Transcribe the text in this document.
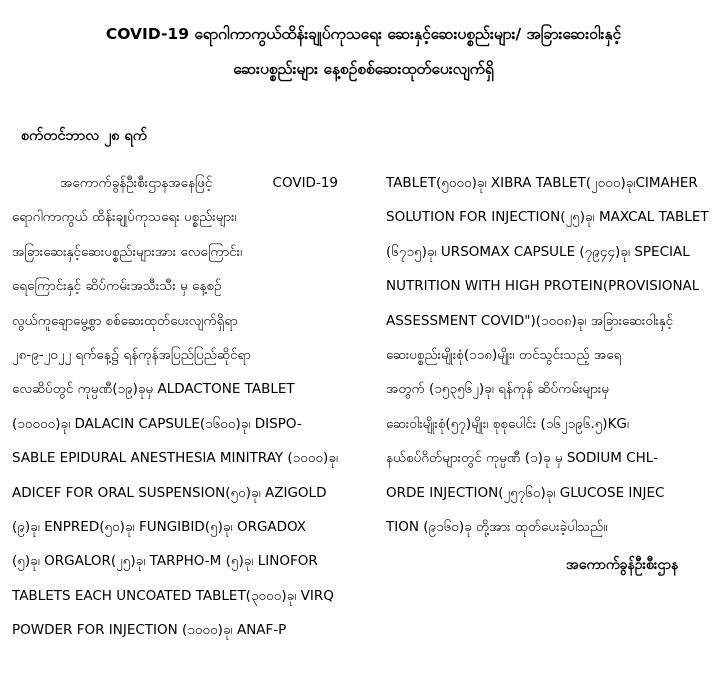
COVID-19 ရောဂါကာကွယ်ထိန်းချုပ်ကုသရေး ဆေးနှင့်ဆေးပစ္စည်းများ/ အခြားဆေးဝါးနှင့်
ဆေးပစ္စည်းများ နေ့စဉ်စစ်ဆေးထုတ်ပေးလျက်ရှိ
စက်တင်ဘာလ ၂၈ ရက်
အကောက်ခွန်ဦးစီးဌာနအနေဖြင့် COVID-19
ရောဂါကာကွယ် ထိန်းချုပ်ကုသရေး ပစ္စည်းများ၊
အခြားဆေးနှင့်ဆေးပစ္စည်းများအား လေကြောင်း၊
ရေကြောင်းနှင့် ဆိပ်ကမ်းအသီးသီး မှ နေ့စဉ်
လွယ်ကူချောမွေ့စွာ စစ်ဆေးထုတ်ပေးလျက်ရှိရာ
၂၈-၉-၂၀၂၂ ရက်နေ့၌ ရန်ကုန်အပြည်ပြည်ဆိုင်ရာ
လေဆိပ်တွင် ကုမ္ပဏီ(၁၉)ခုမှ ALDACTONE TABLET
(၁၀၀၀၀)ခု၊ DALACIN CAPSULE(၁၆၀၀)ခု၊ DISPO-
SABLE EPIDURAL ANESTHESIA MINITRAY (၁၀၀၀)ခု၊
ADICEF FOR ORAL SUSPENSION(၅၀)ခု၊ AZIGOLD
(၉)ခု၊ ENPRED(၅၀)ခု၊ FUNGIBID(၅)ခု၊ ORGADOX
(၅)ခု၊ ORGALOR(၂၅)ခု၊ TARPHO-M (၅)ခု၊ LINOFOR
TABLETS EACH UNCOATED TABLET(၃၀၀၀)ခု၊ VIRQ
POWDER FOR INJECTION (၁၀၀၀)ခု၊ ANAF-P
TABLET(၅၀၀၀)ခု၊ XIBRA TABLET(၂၀၀၀)ခု၊CIMAHER
SOLUTION FOR INJECTION(၂၅)ခု၊ MAXCAL TABLET
(၆၇၁၅)ခု၊ URSOMAX CAPSULE (၇၉၄၄)ခု၊ SPECIAL
NUTRITION WITH HIGH PROTEIN(PROVISIONAL
ASSESSMENT COVID")(၁၀၀၈)ခု၊ အခြားဆေးဝါးနှင့်
ဆေးပစ္စည်းမျိုးစုံ(၁၁၈)မျိုး၊ တင်သွင်းသည့် အရေ
အတွက် (၁၅၃၅၆၂)ခု၊ ရန်ကုန် ဆိပ်ကမ်းများမှ
ဆေးဝါးမျိုးစုံ(၅၇)မျိုး၊ စုစုပေါင်း (၁၆၂၁၉၆.၅)KG၊
နယ်စပ်ဂိတ်များတွင် ကုမ္ပဏီ (၁)ခု မှ SODIUM CHL-
ORDE INJECTION(၂၅၇၆၀)ခု၊ GLUCOSE INJEC
TION (၉၁၆၀)ခု တို့အား ထုတ်ပေးခဲ့ပါသည်။
အကောက်ခွန်ဦးစီးဌာန
